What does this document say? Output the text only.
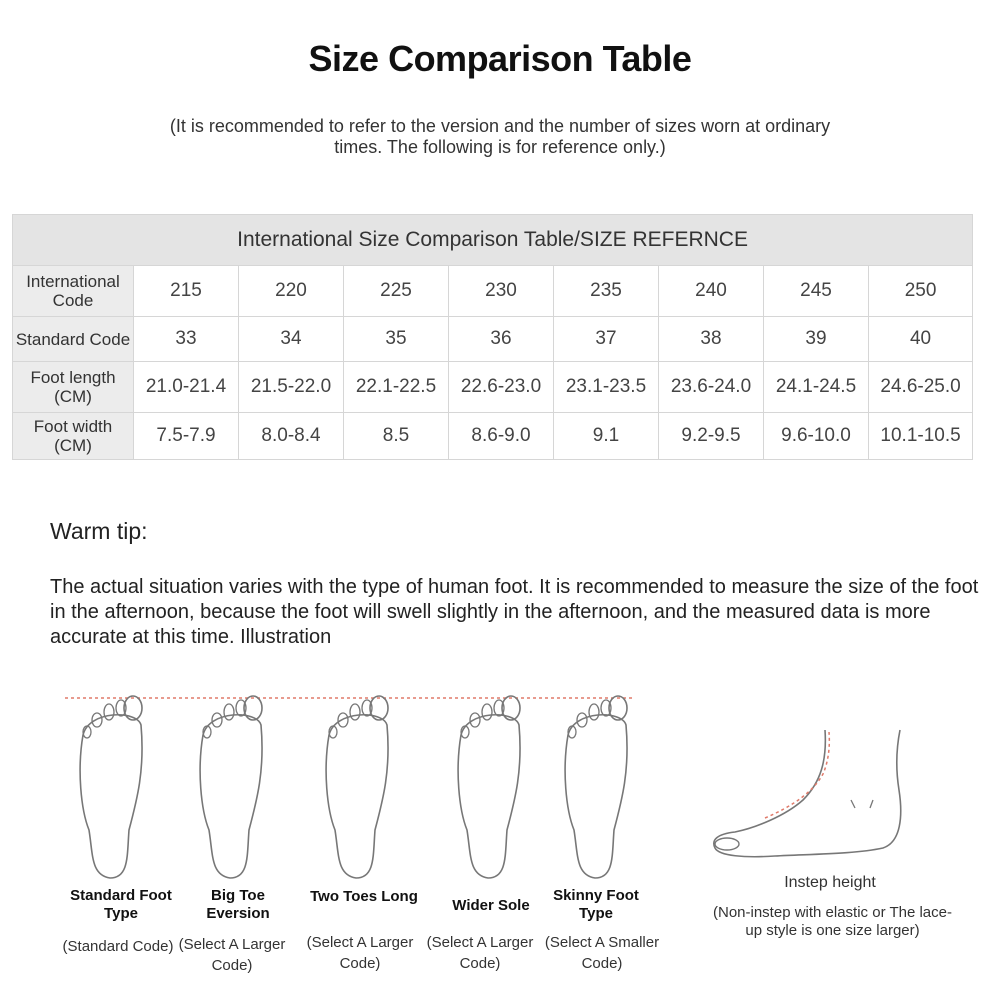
Size Comparison Table
(It is recommended to refer to the version and the number of sizes worn at ordinary times. The following is for reference only.)
International Size Comparison Table/SIZE REFERNCE								
International Code	215	220	225	230	235	240	245	250
Standard Code	33	34	35	36	37	38	39	40
Foot length (CM)	21.0-21.4	21.5-22.0	22.1-22.5	22.6-23.0	23.1-23.5	23.6-24.0	24.1-24.5	24.6-25.0
Foot width (CM)	7.5-7.9	8.0-8.4	8.5	8.6-9.0	9.1	9.2-9.5	9.6-10.0	10.1-10.5
Warm tip:
The actual situation varies with the type of human foot. It is recommended to measure the size of the foot in the afternoon, because the foot will swell slightly in the afternoon, and the measured data is more accurate at this time. Illustration
Standard Foot Type
Big Toe Eversion
Two Toes Long
Wider Sole
Skinny Foot Type
(Standard Code) (Select A Larger Code)
(Select A Larger Code)
(Select A Larger Code)
(Select A Smaller Code)
Instep height
(Non-instep with elastic or The lace-up style is one size larger)
